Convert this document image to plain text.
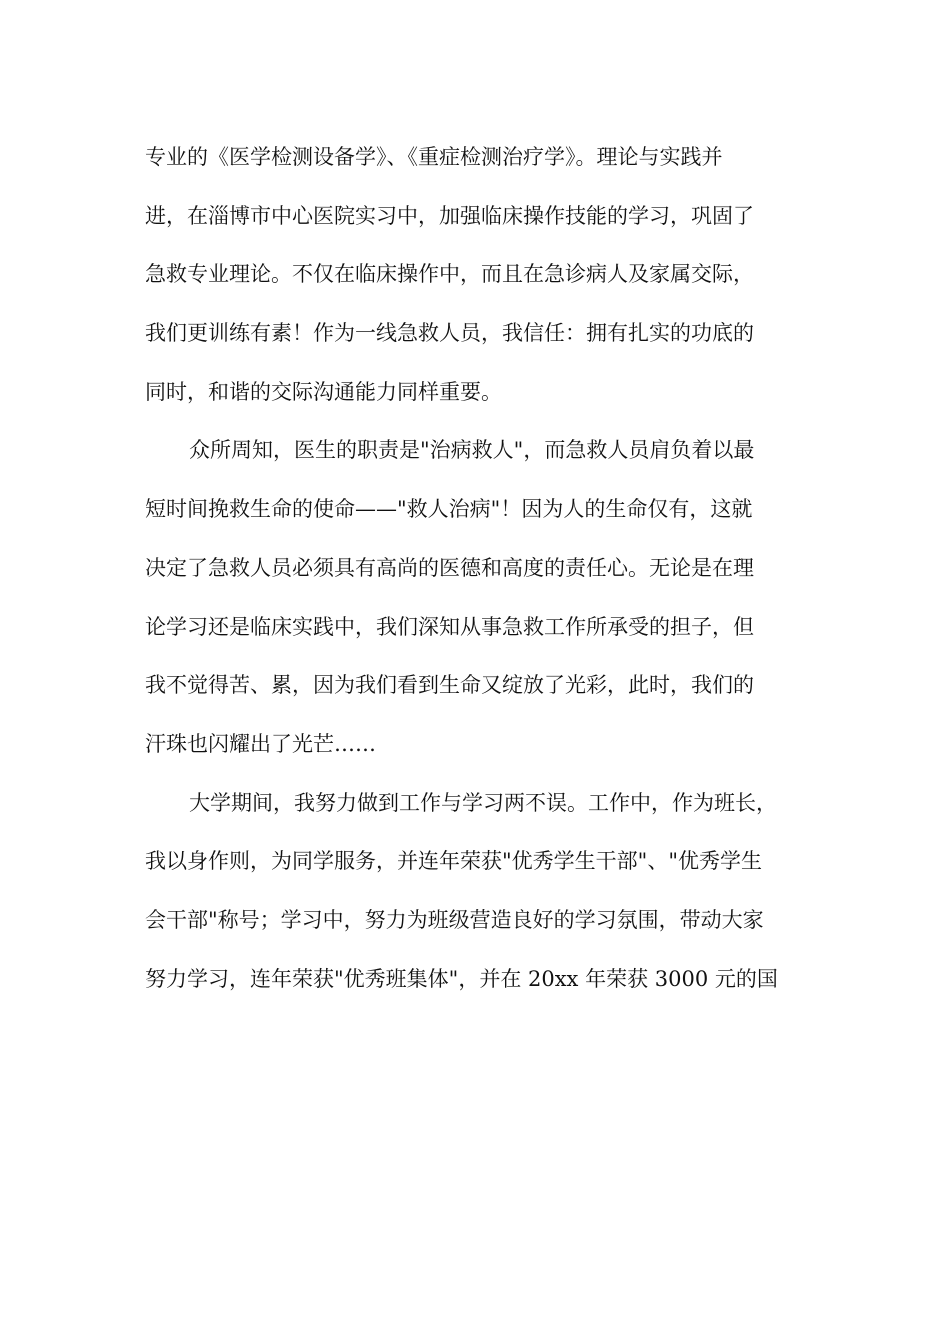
专业的《医学检测设备学》、《重症检测治疗学》。理论与实践并
进，在淄博市中心医院实习中，加强临床操作技能的学习，巩固了
急救专业理论。不仅在临床操作中，而且在急诊病人及家属交际，
我们更训练有素！作为一线急救人员，我信任：拥有扎实的功底的
同时，和谐的交际沟通能力同样重要。
众所周知，医生的职责是"治病救人"，而急救人员肩负着以最
短时间挽救生命的使命——"救人治病"！因为人的生命仅有，这就
决定了急救人员必须具有高尚的医德和高度的责任心。无论是在理
论学习还是临床实践中，我们深知从事急救工作所承受的担子，但
我不觉得苦、累，因为我们看到生命又绽放了光彩，此时，我们的
汗珠也闪耀出了光芒……
大学期间，我努力做到工作与学习两不误。工作中，作为班长，
我以身作则，为同学服务，并连年荣获"优秀学生干部"、"优秀学生
会干部"称号；学习中，努力为班级营造良好的学习氛围，带动大家
努力学习，连年荣获"优秀班集体"，并在 20xx 年荣获 3000 元的国
